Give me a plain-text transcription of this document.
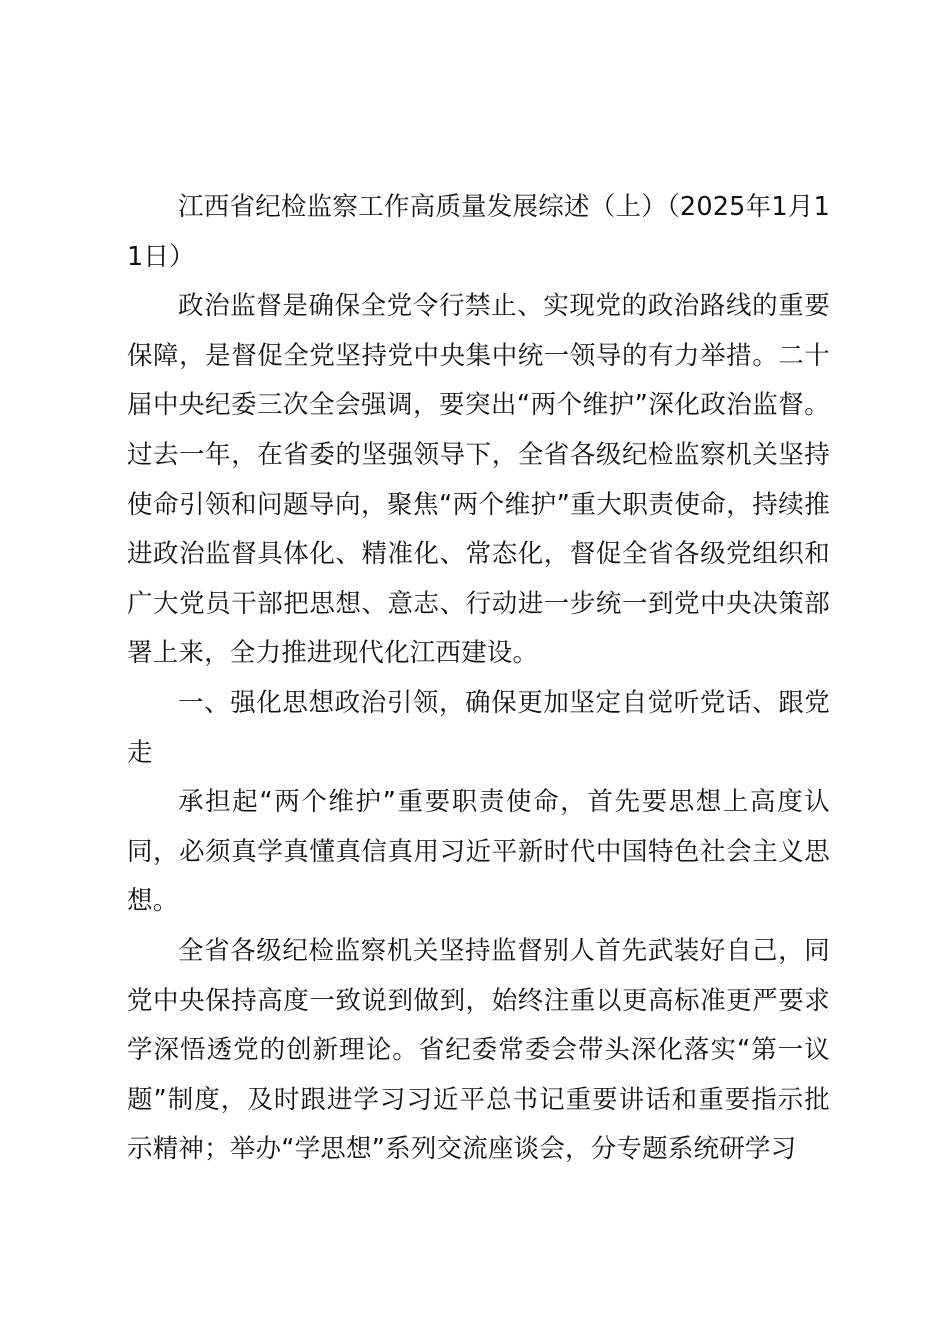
江西省纪检监察工作高质量发展综述（上）（2025年1月11日）

政治监督是确保全党令行禁止、实现党的政治路线的重要保障，是督促全党坚持党中央集中统一领导的有力举措。二十届中央纪委三次全会强调，要突出“两个维护”深化政治监督。过去一年，在省委的坚强领导下，全省各级纪检监察机关坚持使命引领和问题导向，聚焦“两个维护”重大职责使命，持续推进政治监督具体化、精准化、常态化，督促全省各级党组织和广大党员干部把思想、意志、行动进一步统一到党中央决策部署上来，全力推进现代化江西建设。

一、强化思想政治引领，确保更加坚定自觉听党话、跟党走

承担起“两个维护”重要职责使命，首先要思想上高度认同，必须真学真懂真信真用习近平新时代中国特色社会主义思想。

全省各级纪检监察机关坚持监督别人首先武装好自己，同党中央保持高度一致说到做到，始终注重以更高标准更严要求学深悟透党的创新理论。省纪委常委会带头深化落实“第一议题”制度，及时跟进学习习近平总书记重要讲话和重要指示批示精神；举办“学思想”系列交流座谈会，分专题系统研学习
